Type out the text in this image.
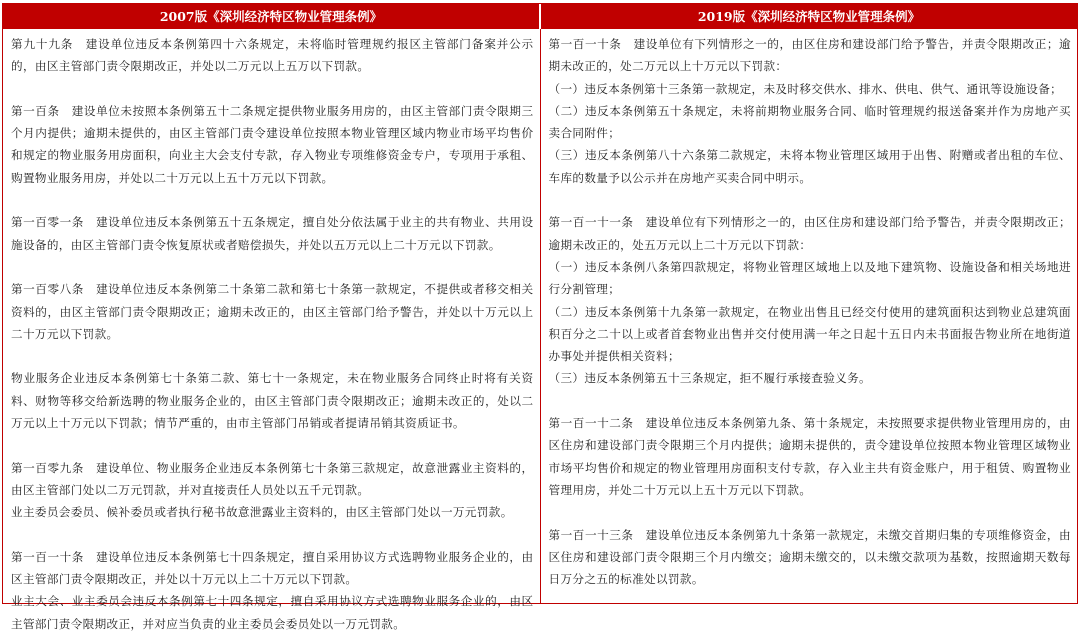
2007版《深圳经济特区物业管理条例》	2019版《深圳经济特区物业管理条例》

第九十九条　建设单位违反本条例第四十六条规定，未将临时管理规约报区主管部门备案并公示的，由区主管部门责令限期改正，并处以二万元以上五万以下罚款。

第一百条　建设单位未按照本条例第五十二条规定提供物业服务用房的，由区主管部门责令限期三个月内提供；逾期未提供的，由区主管部门责令建设单位按照本物业管理区域内物业市场平均售价和规定的物业服务用房面积，向业主大会支付专款，存入物业专项维修资金专户，专项用于承租、购置物业服务用房，并处以二十万元以上五十万元以下罚款。

第一百零一条　建设单位违反本条例第五十五条规定，擅自处分依法属于业主的共有物业、共用设施设备的，由区主管部门责令恢复原状或者赔偿损失，并处以五万元以上二十万元以下罚款。

第一百零八条　建设单位违反本条例第二十条第二款和第七十条第一款规定，不提供或者移交相关资料的，由区主管部门责令限期改正；逾期未改正的，由区主管部门给予警告，并处以十万元以上二十万元以下罚款。

物业服务企业违反本条例第七十条第二款、第七十一条规定，未在物业服务合同终止时将有关资料、财物等移交给新选聘的物业服务企业的，由区主管部门责令限期改正；逾期未改正的，处以二万元以上十万元以下罚款；情节严重的，由市主管部门吊销或者提请吊销其资质证书。

第一百零九条　建设单位、物业服务企业违反本条例第七十条第三款规定，故意泄露业主资料的，由区主管部门处以二万元罚款，并对直接责任人员处以五千元罚款。

业主委员会委员、候补委员或者执行秘书故意泄露业主资料的，由区主管部门处以一万元罚款。

第一百一十条　建设单位违反本条例第七十四条规定，擅自采用协议方式选聘物业服务企业的，由区主管部门责令限期改正，并处以十万元以上二十万元以下罚款。

业主大会、业主委员会违反本条例第七十四条规定，擅自采用协议方式选聘物业服务企业的，由区主管部门责令限期改正，并对应当负责的业主委员会委员处以一万元罚款。

第一百一十条　建设单位有下列情形之一的，由区住房和建设部门给予警告，并责令限期改正；逾期未改正的，处二万元以上十万元以下罚款：

（一）违反本条例第十三条第一款规定，未及时移交供水、排水、供电、供气、通讯等设施设备；

（二）违反本条例第五十条规定，未将前期物业服务合同、临时管理规约报送备案并作为房地产买卖合同附件；

（三）违反本条例第八十六条第二款规定，未将本物业管理区域用于出售、附赠或者出租的车位、车库的数量予以公示并在房地产买卖合同中明示。

第一百一十一条　建设单位有下列情形之一的，由区住房和建设部门给予警告，并责令限期改正；逾期未改正的，处五万元以上二十万元以下罚款：

（一）违反本条例八条第四款规定，将物业管理区域地上以及地下建筑物、设施设备和相关场地进行分割管理；

（二）违反本条例第十九条第一款规定，在物业出售且已经交付使用的建筑面积达到物业总建筑面积百分之二十以上或者首套物业出售并交付使用满一年之日起十五日内未书面报告物业所在地街道办事处并提供相关资料；

（三）违反本条例第五十三条规定，拒不履行承接查验义务。

第一百一十二条　建设单位违反本条例第九条、第十条规定，未按照要求提供物业管理用房的，由区住房和建设部门责令限期三个月内提供；逾期未提供的，责令建设单位按照本物业管理区域物业市场平均售价和规定的物业管理用房面积支付专款，存入业主共有资金账户，用于租赁、购置物业管理用房，并处二十万元以上五十万元以下罚款。

第一百一十三条　建设单位违反本条例第九十条第一款规定，未缴交首期归集的专项维修资金，由区住房和建设部门责令限期三个月内缴交；逾期未缴交的，以未缴交款项为基数，按照逾期天数每日万分之五的标准处以罚款。
